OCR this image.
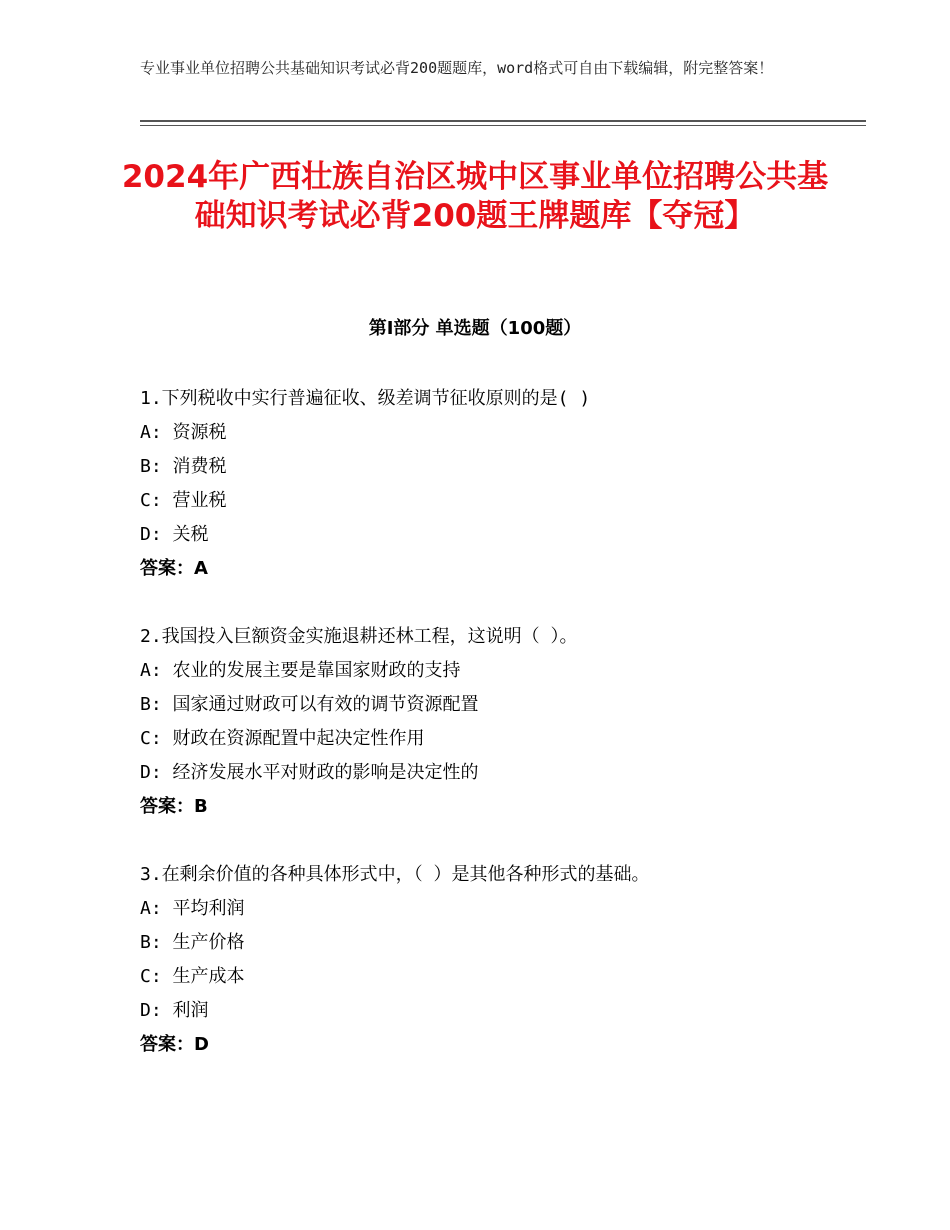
专业事业单位招聘公共基础知识考试必背200题题库，word格式可自由下载编辑，附完整答案！
2024年广西壮族自治区城中区事业单位招聘公共基础知识考试必背200题王牌题库【夺冠】
第I部分 单选题（100题）
1.下列税收中实行普遍征收、级差调节征收原则的是( )
A: 资源税
B: 消费税
C: 营业税
D: 关税
答案：A
2.我国投入巨额资金实施退耕还林工程，这说明（ ）。
A: 农业的发展主要是靠国家财政的支持
B: 国家通过财政可以有效的调节资源配置
C: 财政在资源配置中起决定性作用
D: 经济发展水平对财政的影响是决定性的
答案：B
3.在剩余价值的各种具体形式中，（ ）是其他各种形式的基础。
A: 平均利润
B: 生产价格
C: 生产成本
D: 利润
答案：D
